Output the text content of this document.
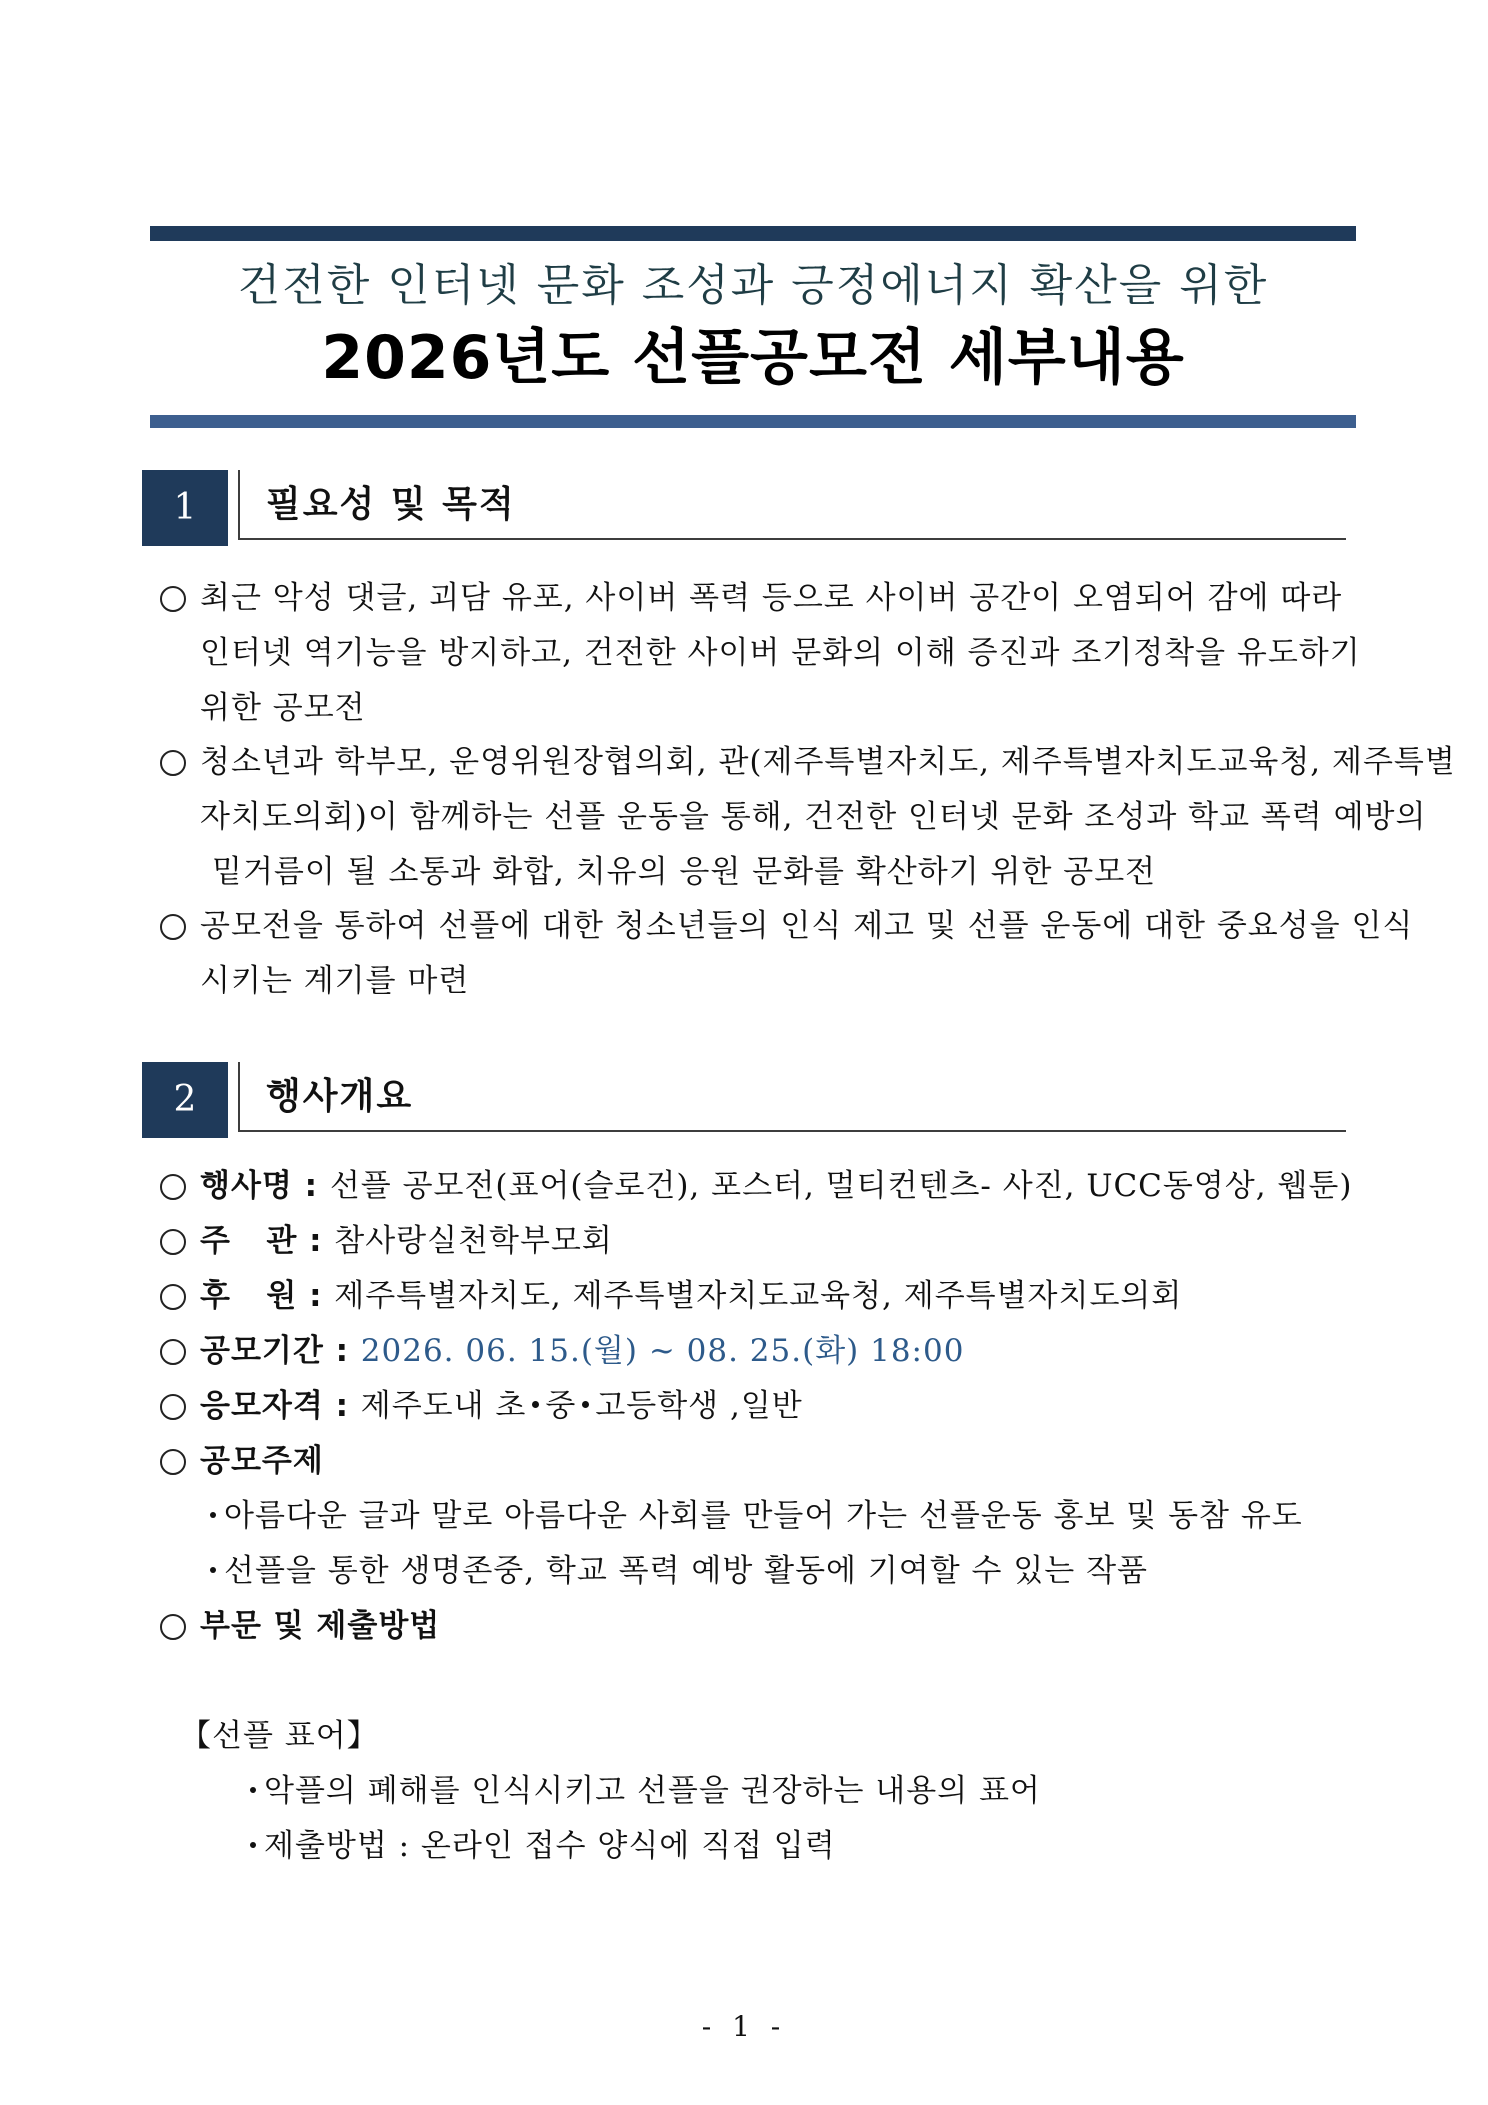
건전한 인터넷 문화 조성과 긍정에너지 확산을 위한
2026년도 선플공모전 세부내용
1	필요성 및 목적
최근 악성 댓글, 괴담 유포, 사이버 폭력 등으로 사이버 공간이 오염되어 감에 따라
인터넷 역기능을 방지하고, 건전한 사이버 문화의 이해 증진과 조기정착을 유도하기
위한 공모전
청소년과 학부모, 운영위원장협의회, 관(제주특별자치도, 제주특별자치도교육청, 제주특별
자치도의회)이 함께하는 선플 운동을 통해, 건전한 인터넷 문화 조성과 학교 폭력 예방의
밑거름이 될 소통과 화합, 치유의 응원 문화를 확산하기 위한 공모전
공모전을 통하여 선플에 대한 청소년들의 인식 제고 및 선플 운동에 대한 중요성을 인식
시키는 계기를 마련
2	행사개요
행사명 : 선플 공모전(표어(슬로건), 포스터, 멀티컨텐츠- 사진, UCC동영상, 웹툰)
주   관 : 참사랑실천학부모회
후   원 : 제주특별자치도, 제주특별자치도교육청, 제주특별자치도의회
공모기간 : 2026. 06. 15.(월) ~ 08. 25.(화) 18:00
응모자격 : 제주도내 초 중 고등학생 ,일반
공모주제
아름다운 글과 말로 아름다운 사회를 만들어 가는 선플운동 홍보 및 동참 유도
선플을 통한 생명존중, 학교 폭력 예방 활동에 기여할 수 있는 작품
부문 및 제출방법
【선플 표어】
악플의 폐해를 인식시키고 선플을 권장하는 내용의 표어
제출방법 : 온라인 접수 양식에 직접 입력
- 1 -
